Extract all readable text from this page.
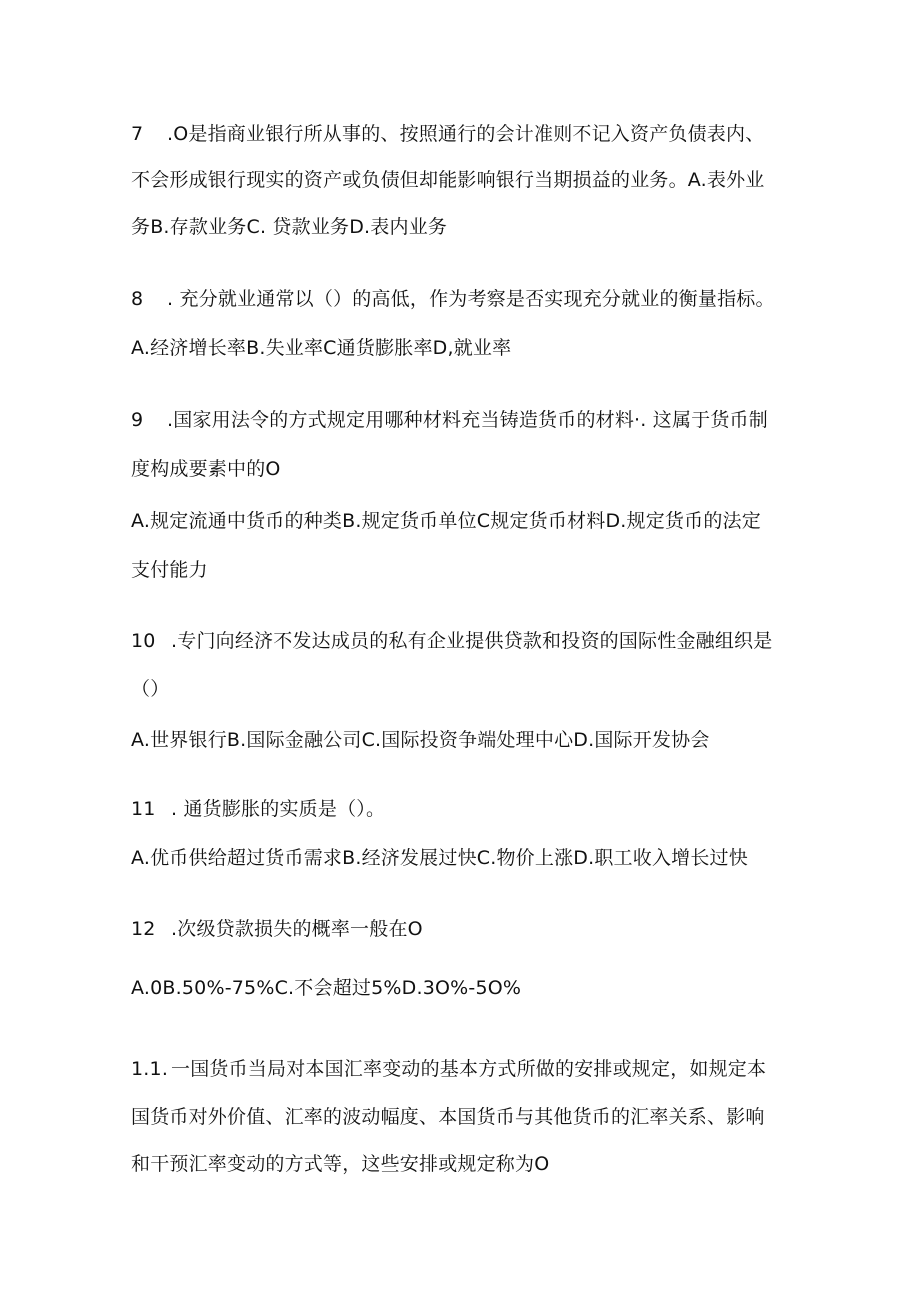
7 .O是指商业银行所从事的、按照通行的会计准则不记入资产负债表内、
不会形成银行现实的资产或负债但却能影响银行当期损益的业务。A.表外业
务B.存款业务C. 贷款业务D.表内业务
8 . 充分就业通常以（）的高低，作为考察是否实现充分就业的衡量指标。
A.经济增长率B.失业率C通货膨胀率D,就业率
9 .国家用法令的方式规定用哪种材料充当铸造货币的材料·. 这属于货币制
度构成要素中的O
A.规定流通中货币的种类B.规定货币单位C规定货币材料D.规定货币的法定
支付能力
10 .专门向经济不发达成员的私有企业提供贷款和投资的国际性金融组织是
（）
A.世界银行B.国际金融公司C.国际投资争端处理中心D.国际开发协会
11 . 通货膨胀的实质是（）。
A.优币供给超过货币需求B.经济发展过快C.物价上涨D.职工收入增长过快
12 .次级贷款损失的概率一般在O
A.0B.50%-75%C.不会超过5%D.3O%-5O%
1.1. 一国货币当局对本国汇率变动的基本方式所做的安排或规定，如规定本
国货币对外价值、汇率的波动幅度、本国货币与其他货币的汇率关系、影响
和干预汇率变动的方式等，这些安排或规定称为O
